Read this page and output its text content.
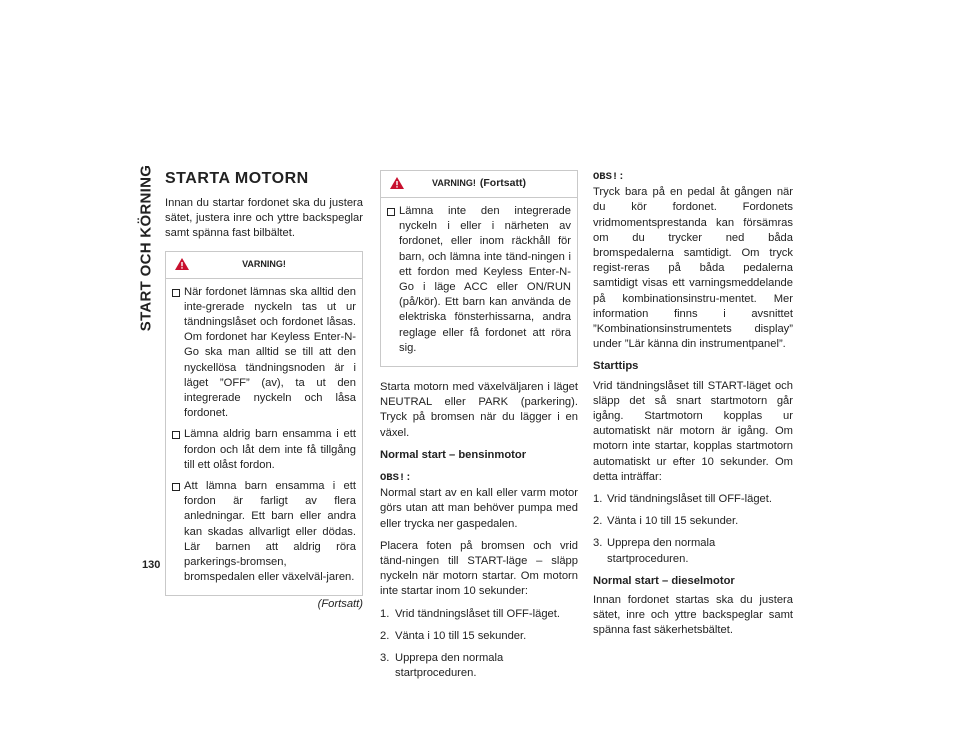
START OCH KÖRNING
130
STARTA MOTORN

Innan du startar fordonet ska du justera sätet, justera inre och yttre backspeglar samt spänna fast bilbältet.

VARNING!
När fordonet lämnas ska alltid den inte-grerade nyckeln tas ut ur tändningslåset och fordonet låsas. Om fordonet har Keyless Enter-N-Go ska man alltid se till att den nyckellösa tändningsnoden är i läget ”OFF” (av), ta ut den integrerade nyckeln och låsa fordonet.
Lämna aldrig barn ensamma i ett fordon och låt dem inte få tillgång till ett olåst fordon.
Att lämna barn ensamma i ett fordon är farligt av flera anledningar. Ett barn eller andra kan skadas allvarligt eller dödas. Lär barnen att aldrig röra parkerings-bromsen, bromspedalen eller växelväl-jaren.
(Fortsatt)
VARNING! (Fortsatt)
Lämna inte den integrerade nyckeln i eller i närheten av fordonet, eller inom räckhåll för barn, och lämna inte tänd-ningen i ett fordon med Keyless Enter-N-Go i läge ACC eller ON/RUN (på/kör). Ett barn kan använda de elektriska fönsterhissarna, andra reglage eller få fordonet att röra sig.

Starta motorn med växelväljaren i läget NEUTRAL eller PARK (parkering). Tryck på bromsen när du lägger i en växel.

Normal start – bensinmotor
OBS!:

Normal start av en kall eller varm motor görs utan att man behöver pumpa med eller trycka ner gaspedalen.

Placera foten på bromsen och vrid tänd-ningen till START-läge – släpp nyckeln när motorn startar. Om motorn inte startar inom 10 sekunder:

1. Vrid tändningslåset till OFF-läget.
2. Vänta i 10 till 15 sekunder.
3. Upprepa den normala startproceduren.
OBS!:

Tryck bara på en pedal åt gången när du kör fordonet. Fordonets vridmomentsprestanda kan försämras om du trycker ned båda bromspedalerna samtidigt. Om tryck regist-reras på båda pedalerna samtidigt visas ett varningsmeddelande på kombinationsinstru-mentet. Mer information finns i avsnittet ”Kombinationsinstrumentets display” under ”Lär känna din instrumentpanel”.

Starttips

Vrid tändningslåset till START-läget och släpp det så snart startmotorn går igång. Startmotorn kopplas ur automatiskt när motorn är igång. Om motorn inte startar, kopplas startmotorn automatiskt ur efter 10 sekunder. Om detta inträffar:

1. Vrid tändningslåset till OFF-läget.
2. Vänta i 10 till 15 sekunder.
3. Upprepa den normala startproceduren.
Normal start – dieselmotor

Innan fordonet startas ska du justera sätet, inre och yttre backspeglar samt spänna fast säkerhetsbältet.
